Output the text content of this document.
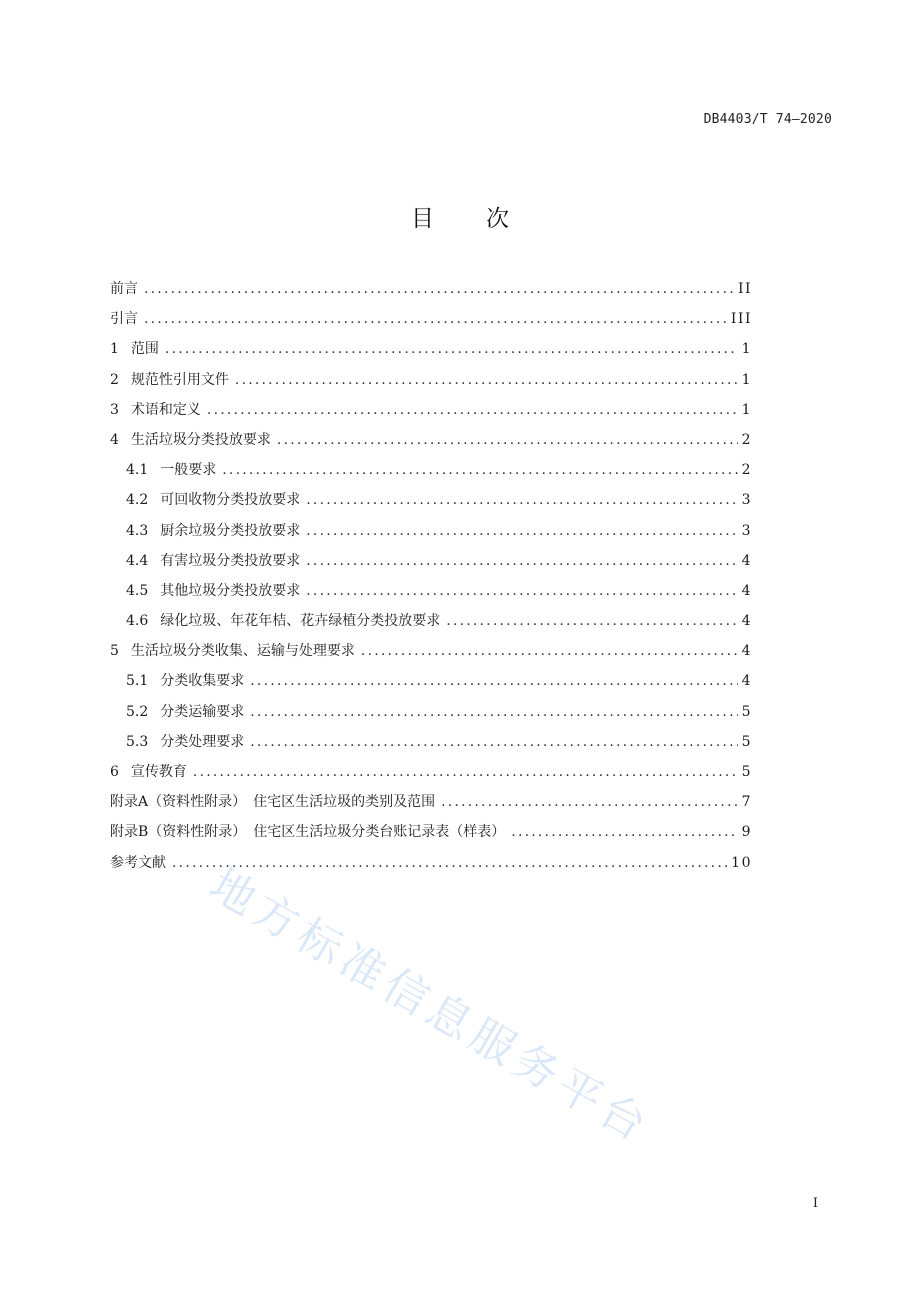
DB4403/T 74—2020
目次
前言 .....	II
引言 .....	III
1 范围 .....	1
2 规范性引用文件 .....	1
3 术语和定义 .....	1
4 生活垃圾分类投放要求 .....	2
4.1 一般要求 .....	2
4.2 可回收物分类投放要求 .....	3
4.3 厨余垃圾分类投放要求 .....	3
4.4 有害垃圾分类投放要求 .....	4
4.5 其他垃圾分类投放要求 .....	4
4.6 绿化垃圾、年花年桔、花卉绿植分类投放要求 .....	4
5 生活垃圾分类收集、运输与处理要求 .....	4
5.1 分类收集要求 .....	4
5.2 分类运输要求 .....	5
5.3 分类处理要求 .....	5
6 宣传教育 .....	5
附录A（资料性附录）　住宅区生活垃圾的类别及范围 .....	7
附录B（资料性附录）　住宅区生活垃圾分类台账记录表（样表） .....	9
参考文献 .....	10
地方标准信息服务平台
I
